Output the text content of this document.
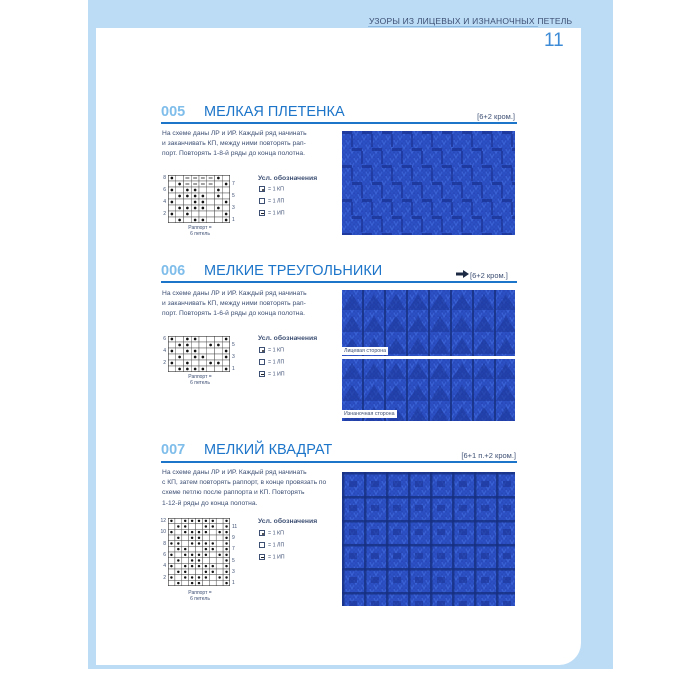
УЗОРЫ ИЗ ЛИЦЕВЫХ И ИЗНАНОЧНЫХ ПЕТЕЛЬ
11
005 МЕЛКАЯ ПЛЕТЕНКА	[6+2 кром.]
На схеме даны ЛР и ИР. Каждый ряд начинать
и заканчивать КП, между ними повторять рап-
порт. Повторять 1-8-й ряды до конца полотна.
8
6
4
2
7
5
3
1
Раппорт =
6 петель
Усл. обозначения
= 1 КП
= 1 ЛП
= 1 ИП
006 МЕЛКИЕ ТРЕУГОЛЬНИКИ	[6+2 кром.]
На схеме даны ЛР и ИР. Каждый ряд начинать
и заканчивать КП, между ними повторять рап-
порт. Повторять 1-6-й ряды до конца полотна.
6
4
2
5
3
1
Раппорт =
6 петель
Усл. обозначения
= 1 КП
= 1 ЛП
= 1 ИП
Лицевая сторона
Изнаночная сторона
007 МЕЛКИЙ КВАДРАТ	[6+1 п.+2 кром.]
На схеме даны ЛР и ИР. Каждый ряд начинать
с КП, затем повторять раппорт, в конце провязать по
схеме петлю после раппорта и КП. Повторять
1-12-й ряды до конца полотна.
12
10
8
6
4
2
11
9
7
5
3
1
Раппорт =
6 петель
Усл. обозначения
= 1 КП
= 1 ЛП
= 1 ИП
